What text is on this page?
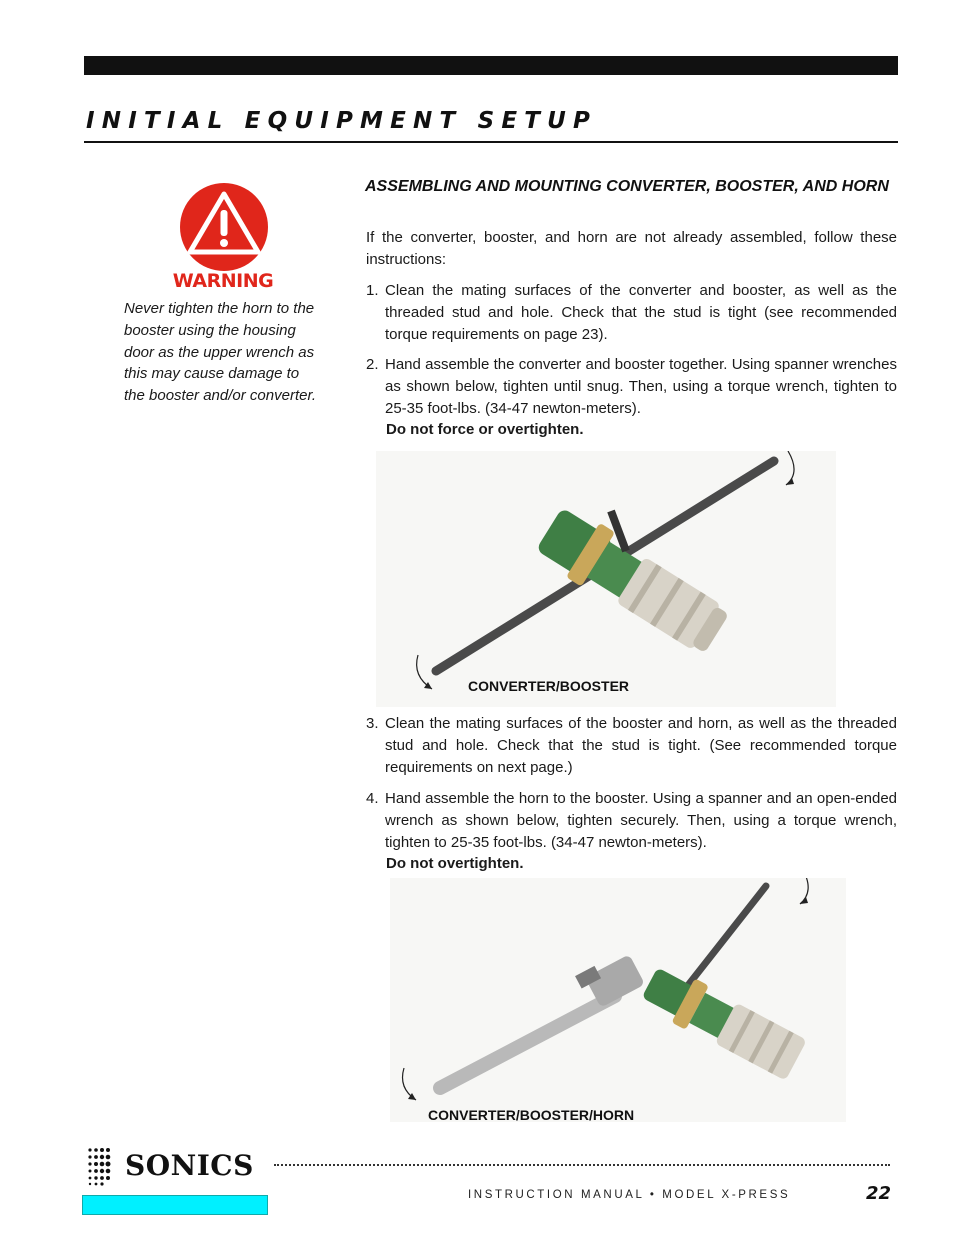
INITIAL EQUIPMENT SETUP
WARNING
Never tighten the horn to the booster using the housing door as the upper wrench as this may cause damage to the booster and/or converter.
ASSEMBLING AND MOUNTING CONVERTER, BOOSTER, AND HORN
If the converter, booster, and horn are not already assembled, follow these instructions:
1. Clean the mating surfaces of the converter and booster, as well as the threaded stud and hole. Check that the stud is tight (see recommended torque requirements on page 23).
2. Hand assemble the converter and booster together. Using spanner wrenches as shown below, tighten until snug. Then, using a torque wrench, tighten to 25-35 foot-lbs. (34-47 newton-meters).
Do not force or overtighten.
CONVERTER/BOOSTER
3. Clean the mating surfaces of the booster and horn, as well as the threaded stud and hole. Check that the stud is tight. (See recommended torque requirements on next page.)
4. Hand assemble the horn to the booster. Using a spanner and an open-ended wrench as shown below, tighten securely. Then, using a torque wrench, tighten to 25-35 foot-lbs. (34-47 newton-meters).
Do not overtighten.
CONVERTER/BOOSTER/HORN
SONICS
INSTRUCTION MANUAL • MODEL X-PRESS	22
